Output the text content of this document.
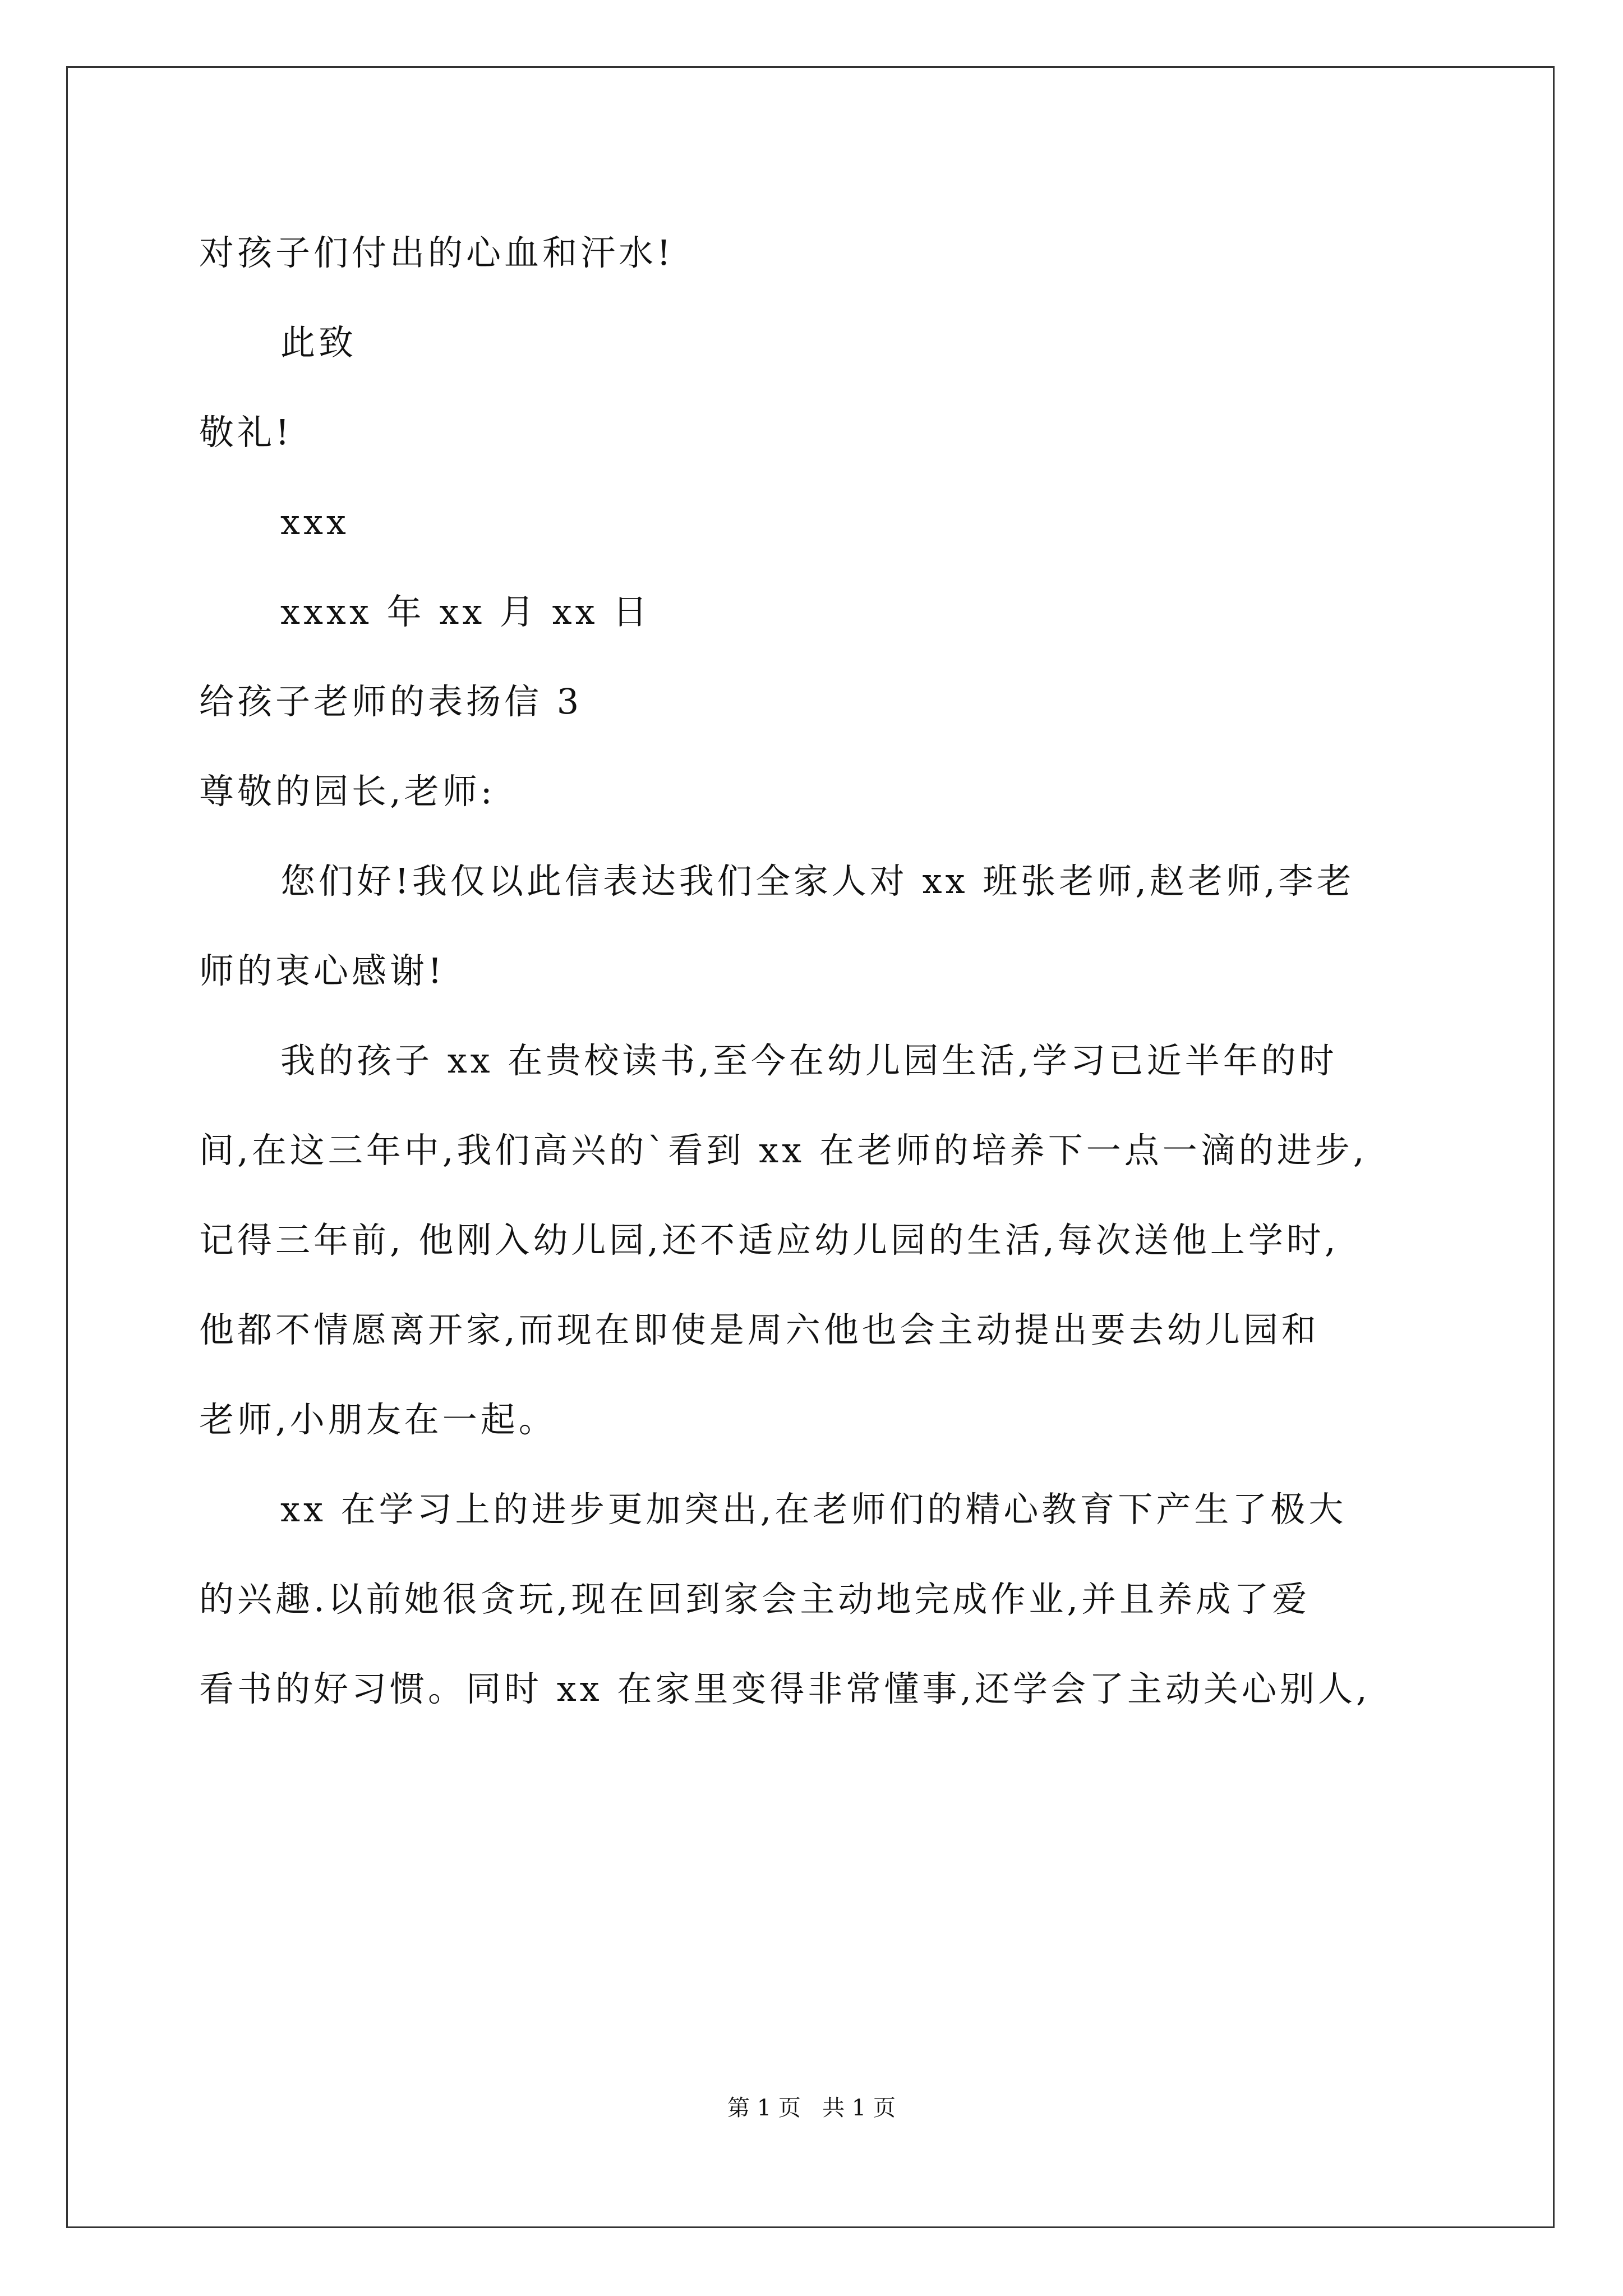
对孩子们付出的心血和汗水!
此致
敬礼!
xxx
xxxx 年 xx 月 xx 日
给孩子老师的表扬信 3
尊敬的园长,老师:
您们好!我仅以此信表达我们全家人对 xx 班张老师,赵老师,李老
师的衷心感谢!
我的孩子 xx 在贵校读书,至今在幼儿园生活,学习已近半年的时
间,在这三年中,我们高兴的`看到 xx 在老师的培养下一点一滴的进步,
记得三年前, 他刚入幼儿园,还不适应幼儿园的生活,每次送他上学时,
他都不情愿离开家,而现在即使是周六他也会主动提出要去幼儿园和
老师,小朋友在一起。
xx 在学习上的进步更加突出,在老师们的精心教育下产生了极大
的兴趣.以前她很贪玩,现在回到家会主动地完成作业,并且养成了爱
看书的好习惯。同时 xx 在家里变得非常懂事,还学会了主动关心别人,
第 1 页   共 1 页
